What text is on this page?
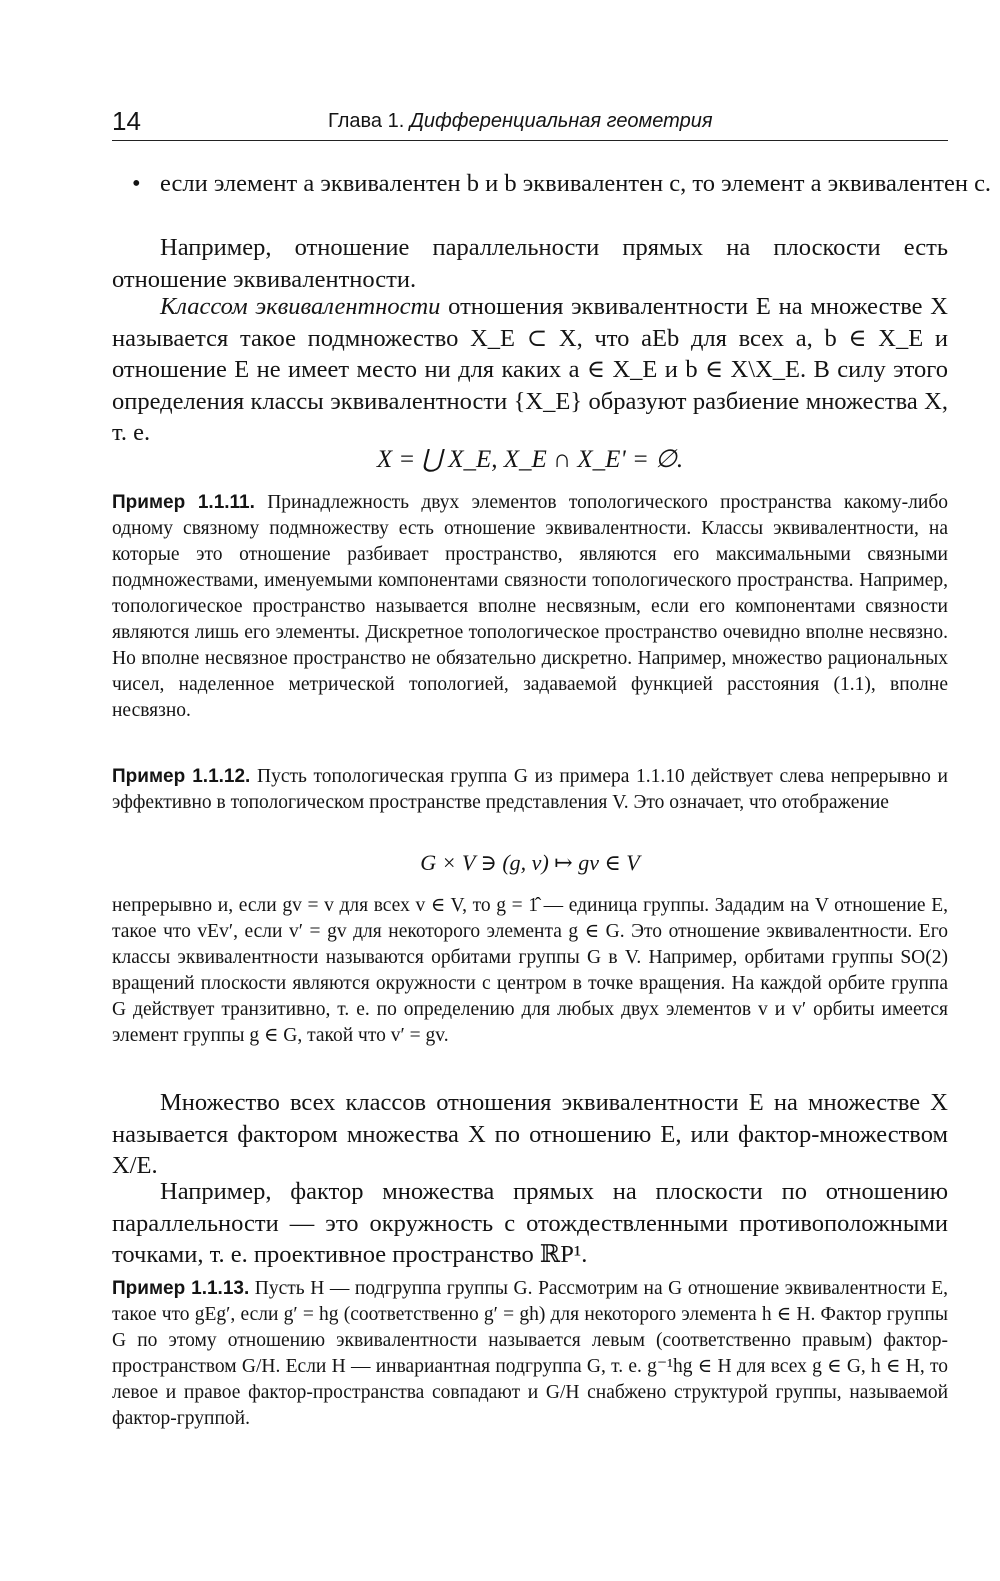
14	Глава 1. Дифференциальная геометрия
• если элемент a эквивалентен b и b эквивалентен c, то элемент a эквивалентен c.
Например, отношение параллельности прямых на плоскости есть отношение эквивалентности.
Классом эквивалентности отношения эквивалентности E на множестве X называется такое подмножество X_E ⊂ X, что aEb для всех a, b ∈ X_E и отношение E не имеет место ни для каких a ∈ X_E и b ∈ X\X_E. В силу этого определения классы эквивалентности {X_E} образуют разбиение множества X, т. е.
X = ⋃ X_E, X_E ∩ X_E' = ∅.
Пример 1.1.11. Принадлежность двух элементов топологического пространства какому-либо одному связному подмножеству есть отношение эквивалентности. Классы эквивалентности, на которые это отношение разбивает пространство, являются его максимальными связными подмножествами, именуемыми компонентами связности топологического пространства. Например, топологическое пространство называется вполне несвязным, если его компонентами связности являются лишь его элементы. Дискретное топологическое пространство очевидно вполне несвязно. Но вполне несвязное пространство не обязательно дискретно. Например, множество рациональных чисел, наделенное метрической топологией, задаваемой функцией расстояния (1.1), вполне несвязно.
Пример 1.1.12. Пусть топологическая группа G из примера 1.1.10 действует слева непрерывно и эффективно в топологическом пространстве представления V. Это означает, что отображение
G × V ∋ (g, v) ↦ gv ∈ V
непрерывно и, если gv = v для всех v ∈ V, то g = 1̂ — единица группы. Зададим на V отношение E, такое что vEv′, если v′ = gv для некоторого элемента g ∈ G. Это отношение эквивалентности. Его классы эквивалентности называются орбитами группы G в V. Например, орбитами группы SO(2) вращений плоскости являются окружности с центром в точке вращения. На каждой орбите группа G действует транзитивно, т. е. по определению для любых двух элементов v и v′ орбиты имеется элемент группы g ∈ G, такой что v′ = gv.
Множество всех классов отношения эквивалентности E на множестве X называется фактором множества X по отношению E, или фактор-множеством X/E.
Например, фактор множества прямых на плоскости по отношению параллельности — это окружность с отождествленными противоположными точками, т. е. проективное пространство ℝP¹.
Пример 1.1.13. Пусть H — подгруппа группы G. Рассмотрим на G отношение эквивалентности E, такое что gEg′, если g′ = hg (соответственно g′ = gh) для некоторого элемента h ∈ H. Фактор группы G по этому отношению эквивалентности называется левым (соответственно правым) фактор-пространством G/H. Если H — инвариантная подгруппа G, т. е. g⁻¹hg ∈ H для всех g ∈ G, h ∈ H, то левое и правое фактор-пространства совпадают и G/H снабжено структурой группы, называемой фактор-группой.
